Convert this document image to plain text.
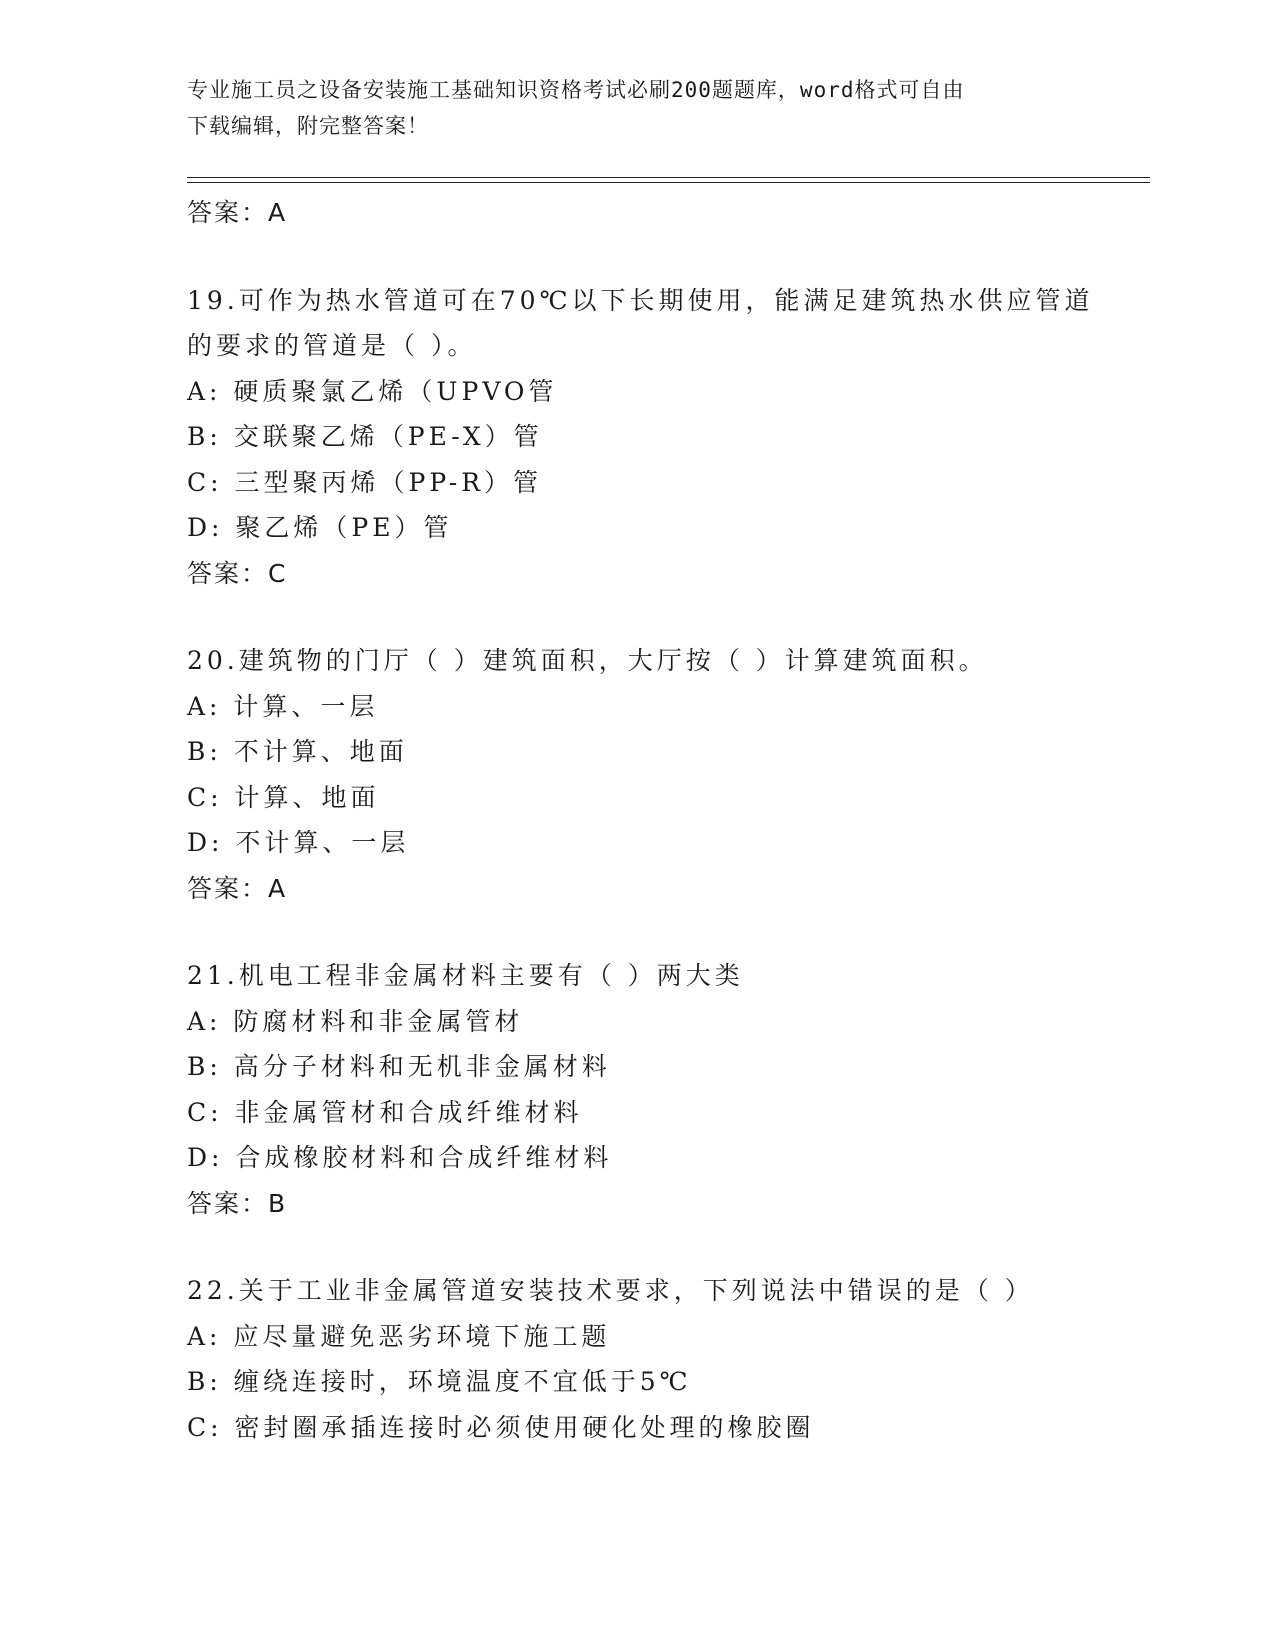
专业施工员之设备安装施工基础知识资格考试必刷200题题库，word格式可自由
下载编辑，附完整答案！
答案：A
19.可作为热水管道可在70℃以下长期使用，能满足建筑热水供应管道
的要求的管道是（ ）。
A: 硬质聚氯乙烯（UPVO管
B: 交联聚乙烯（PE-X）管
C: 三型聚丙烯（PP-R）管
D: 聚乙烯（PE）管
答案：C
20.建筑物的门厅（ ）建筑面积，大厅按（ ）计算建筑面积。
A: 计算、一层
B: 不计算、地面
C: 计算、地面
D: 不计算、一层
答案：A
21.机电工程非金属材料主要有（ ）两大类
A: 防腐材料和非金属管材
B: 高分子材料和无机非金属材料
C: 非金属管材和合成纤维材料
D: 合成橡胶材料和合成纤维材料
答案：B
22.关于工业非金属管道安装技术要求，下列说法中错误的是（ ）
A: 应尽量避免恶劣环境下施工题
B: 缠绕连接时，环境温度不宜低于5℃
C: 密封圈承插连接时必须使用硬化处理的橡胶圈
